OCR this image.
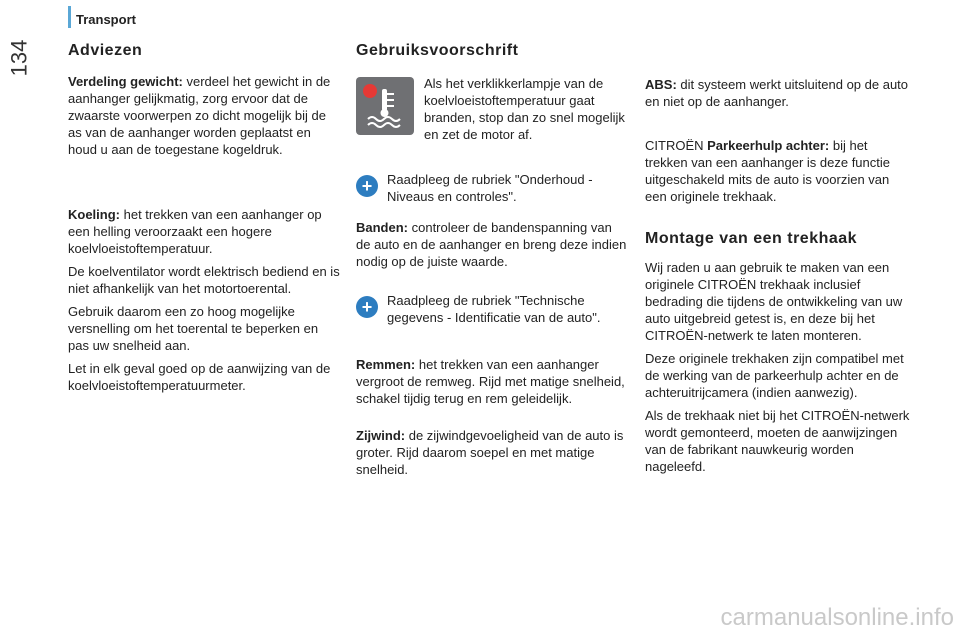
Transport
134 Adviezen

Verdeling gewicht: verdeel het gewicht in de aanhanger gelijkmatig, zorg ervoor dat de zwaarste voorwerpen zo dicht mogelijk bij de as van de aanhanger worden geplaatst en houd u aan de toegestane kogeldruk.

Koeling: het trekken van een aanhanger op een helling veroorzaakt een hogere koelvloeistoftemperatuur.

De koelventilator wordt elektrisch bediend en is niet afhankelijk van het motortoerental.

Gebruik daarom een zo hoog mogelijke versnelling om het toerental te beperken en pas uw snelheid aan.

Let in elk geval goed op de aanwijzing van de koelvloeistoftemperatuurmeter.

Gebruiksvoorschrift

Als het verklikkerlampje van de koelvloeistoftemperatuur gaat branden, stop dan zo snel mogelijk en zet de motor af.

+	Raadpleeg de rubriek "Onderhoud - Niveaus en controles".

Banden: controleer de bandenspanning van de auto en de aanhanger en breng deze indien nodig op de juiste waarde.

+	Raadpleeg de rubriek "Technische gegevens - Identificatie van de auto".

Remmen: het trekken van een aanhanger vergroot de remweg. Rijd met matige snelheid, schakel tijdig terug en rem geleidelijk.

Zijwind: de zijwindgevoeligheid van de auto is groter. Rijd daarom soepel en met matige snelheid.

ABS: dit systeem werkt uitsluitend op de auto en niet op de aanhanger.

CITROËN Parkeerhulp achter: bij het trekken van een aanhanger is deze functie uitgeschakeld mits de auto is voorzien van een originele trekhaak.

Montage van een trekhaak

Wij raden u aan gebruik te maken van een originele CITROËN trekhaak inclusief bedrading die tijdens de ontwikkeling van uw auto uitgebreid getest is, en deze bij het CITROËN-netwerk te laten monteren.

Deze originele trekhaken zijn compatibel met de werking van de parkeerhulp achter en de achteruitrijcamera (indien aanwezig).

Als de trekhaak niet bij het CITROËN-netwerk wordt gemonteerd, moeten de aanwijzingen van de fabrikant nauwkeurig worden nageleefd.

carmanualsonline.info
